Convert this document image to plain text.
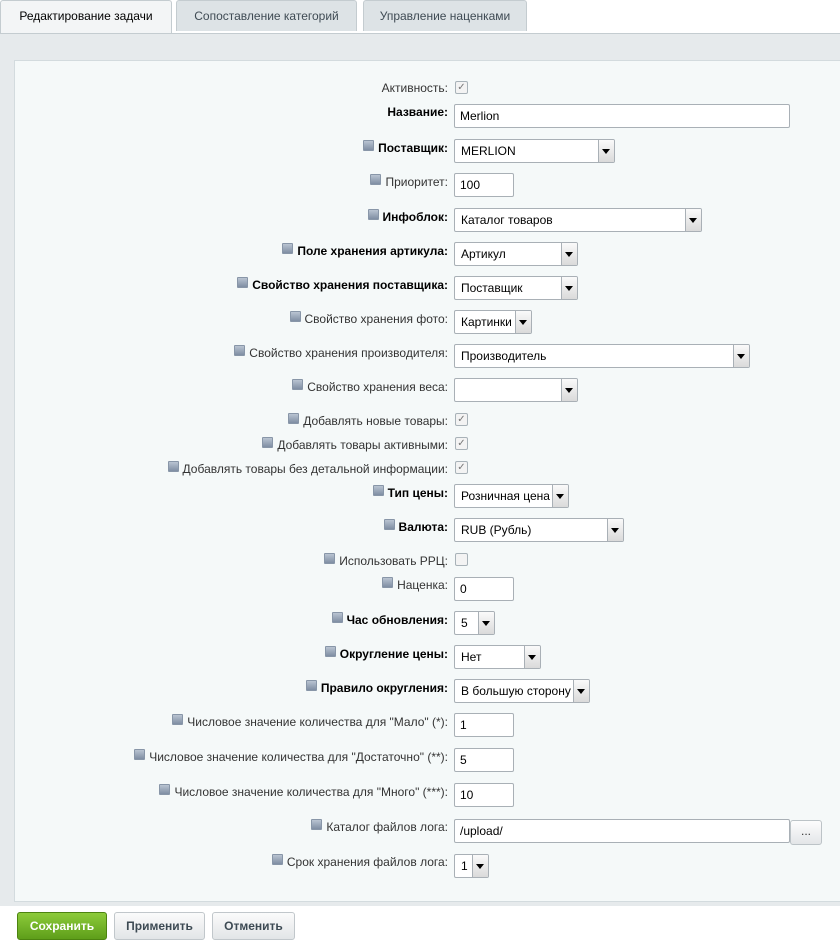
Редактирование задачи	Сопоставление категорий	Управление наценками
Активность: ✓
Название:	Merlion
Поставщик:	MERLION
Приоритет:	100
Инфоблок:	Каталог товаров
Поле хранения артикула:	Артикул
Свойство хранения поставщика:	Поставщик
Свойство хранения фото:	Картинки
Свойство хранения производителя:	Производитель
Свойство хранения веса:
Добавлять новые товары: ✓
Добавлять товары активными: ✓
Добавлять товары без детальной информации: ✓
Тип цены:	Розничная цена
Валюта:	RUB (Рубль)
Использовать РРЦ:
Наценка:	0
Час обновления:	5
Округление цены:	Нет
Правило округления:	В большую сторону
Числовое значение количества для "Мало" (*):	1
Числовое значение количества для "Достаточно" (**):	5
Числовое значение количества для "Много" (***):	10
Каталог файлов лога:	/upload/	...
Срок хранения файлов лога:	1
Сохранить	Применить	Отменить
